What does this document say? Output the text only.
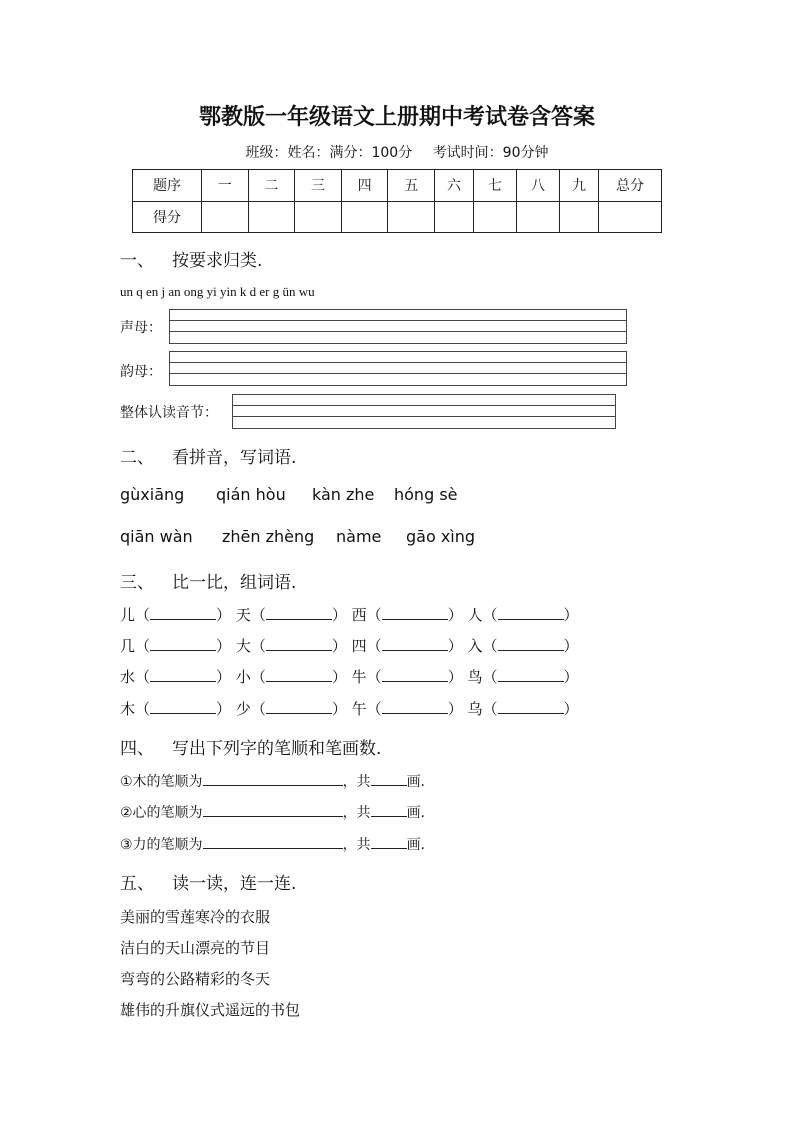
鄂教版一年级语文上册期中考试卷含答案
班级：姓名：满分：100分 考试时间：90分钟
题序	一	二	三	四	五	六	七	八	九	总分
得分										
一、 按要求归类.
un q en j an ong yi yin k d er g ün wu
声母：
韵母：
整体认读音节：
二、 看拼音，写词语.
gùxiāng qián hòu kàn zhe hóng sè
qiān wàn zhēn zhèng nàme gāo xìng
三、 比一比，组词语.
儿（	） 天（	） 西（	） 人（	）
几（	） 大（	） 四（	） 入（	）
水（	） 小（	） 牛（	） 鸟（	）
木（	） 少（	） 午（	） 乌（	）
四、 写出下列字的笔顺和笔画数.
①木的笔顺为	，共	画.
②心的笔顺为	，共	画.
③力的笔顺为	，共	画.
五、 读一读，连一连.
美丽的雪莲寒冷的衣服
洁白的天山漂亮的节目
弯弯的公路精彩的冬天
雄伟的升旗仪式遥远的书包
